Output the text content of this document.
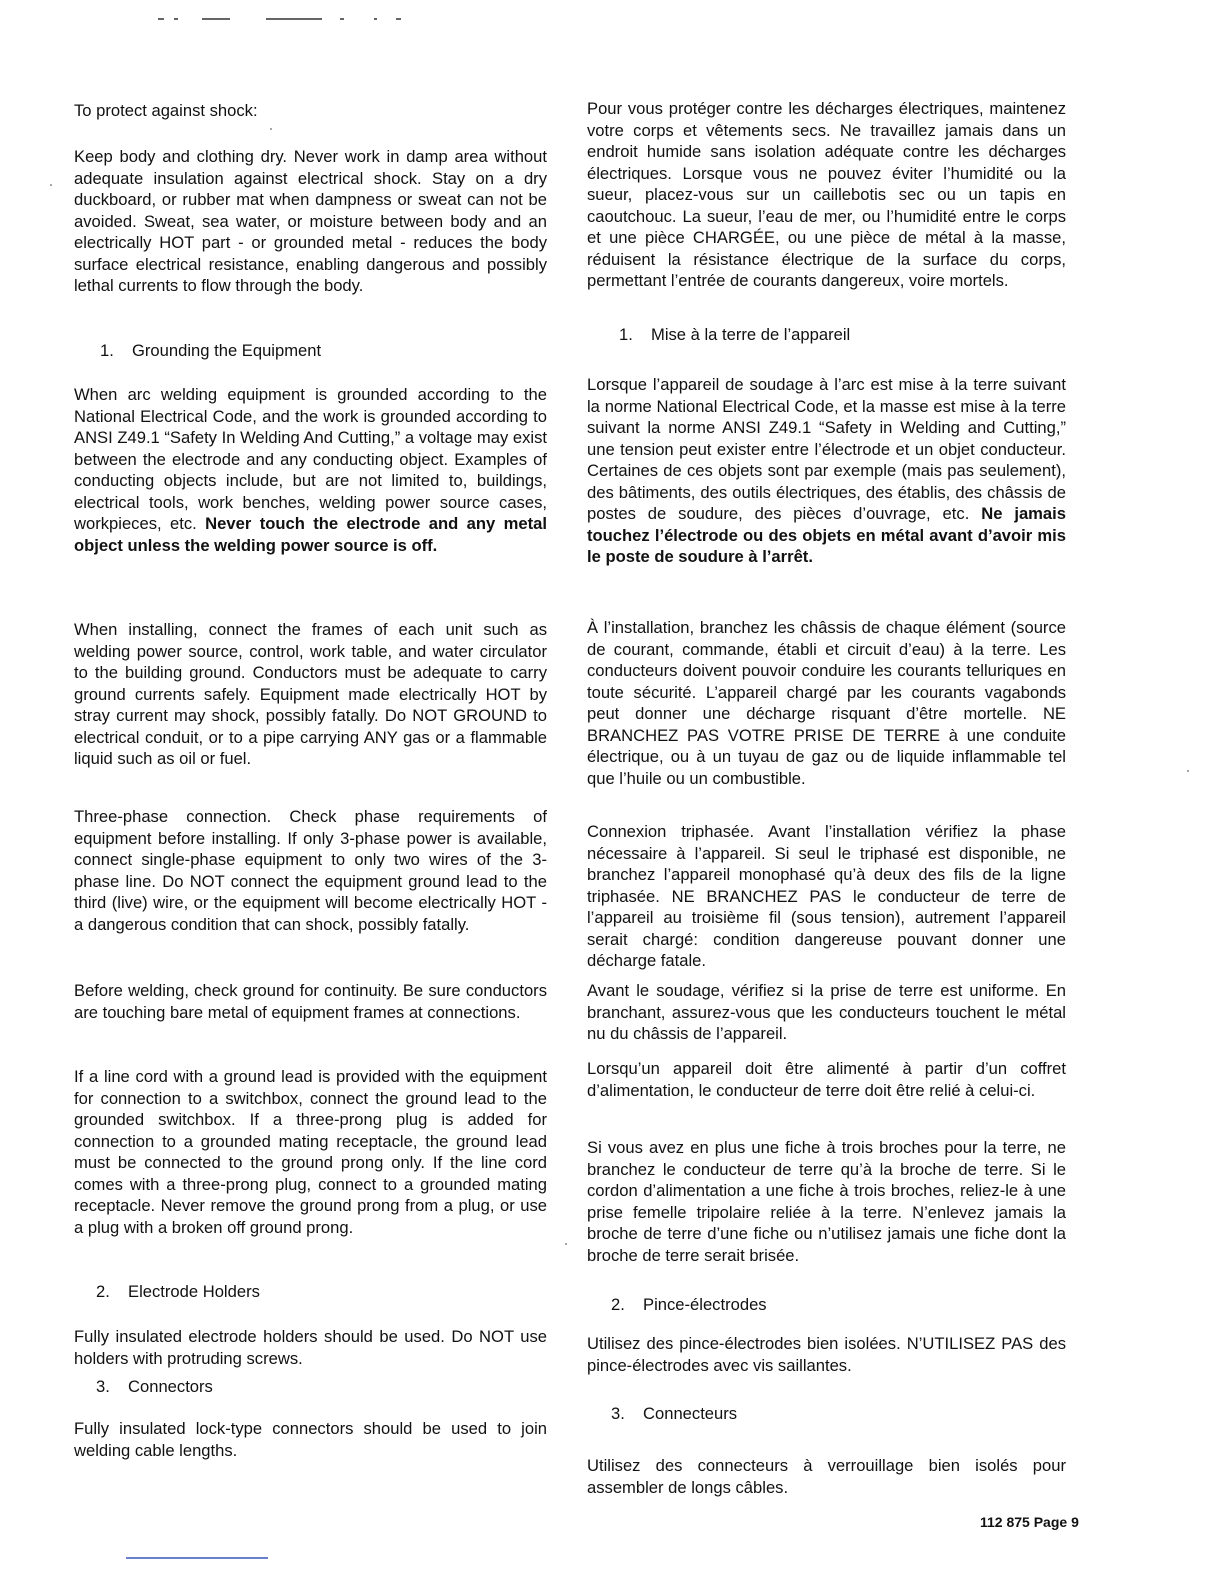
To protect against shock:

Keep body and clothing dry. Never work in damp area without adequate insulation against electrical shock. Stay on a dry duckboard, or rubber mat when dampness or sweat can not be avoided. Sweat, sea water, or moisture between body and an electrically HOT part - or grounded metal - reduces the body surface electrical resistance, enabling dangerous and possibly lethal currents to flow through the body.

1. Grounding the Equipment

When arc welding equipment is grounded according to the National Electrical Code, and the work is grounded according to ANSI Z49.1 “Safety In Welding And Cutting,” a voltage may exist between the electrode and any conducting object. Examples of conducting objects include, but are not limited to, buildings, electrical tools, work benches, welding power source cases, workpieces, etc. Never touch the electrode and any metal object unless the welding power source is off.

When installing, connect the frames of each unit such as welding power source, control, work table, and water circulator to the building ground. Conductors must be adequate to carry ground currents safely. Equipment made electrically HOT by stray current may shock, possibly fatally. Do NOT GROUND to electrical conduit, or to a pipe carrying ANY gas or a flammable liquid such as oil or fuel.

Three-phase connection. Check phase requirements of equipment before installing. If only 3-phase power is available, connect single-phase equipment to only two wires of the 3-phase line. Do NOT connect the equipment ground lead to the third (live) wire, or the equipment will become electrically HOT - a dangerous condition that can shock, possibly fatally.

Before welding, check ground for continuity. Be sure conductors are touching bare metal of equipment frames at connections.

If a line cord with a ground lead is provided with the equipment for connection to a switchbox, connect the ground lead to the grounded switchbox. If a three-prong plug is added for connection to a grounded mating receptacle, the ground lead must be connected to the ground prong only. If the line cord comes with a three-prong plug, connect to a grounded mating receptacle. Never remove the ground prong from a plug, or use a plug with a broken off ground prong.

2. Electrode Holders

Fully insulated electrode holders should be used. Do NOT use holders with protruding screws.

3. Connectors

Fully insulated lock-type connectors should be used to join welding cable lengths.

Pour vous protéger contre les décharges électriques, maintenez votre corps et vêtements secs. Ne travaillez jamais dans un endroit humide sans isolation adéquate contre les décharges électriques. Lorsque vous ne pouvez éviter l’humidité ou la sueur, placez-vous sur un caillebotis sec ou un tapis en caoutchouc. La sueur, l’eau de mer, ou l’humidité entre le corps et une pièce CHARGÉE, ou une pièce de métal à la masse, réduisent la résistance électrique de la surface du corps, permettant l’entrée de courants dangereux, voire mortels.

1. Mise à la terre de l’appareil

Lorsque l’appareil de soudage à l’arc est mise à la terre suivant la norme National Electrical Code, et la masse est mise à la terre suivant la norme ANSI Z49.1 “Safety in Welding and Cutting,” une tension peut exister entre l’électrode et un objet conducteur. Certaines de ces objets sont par exemple (mais pas seulement), des bâtiments, des outils électriques, des établis, des châssis de postes de soudure, des pièces d’ouvrage, etc. Ne jamais touchez l’électrode ou des objets en métal avant d’avoir mis le poste de soudure à l’arrêt.

À l’installation, branchez les châssis de chaque élément (source de courant, commande, établi et circuit d’eau) à la terre. Les conducteurs doivent pouvoir conduire les courants telluriques en toute sécurité. L’appareil chargé par les courants vagabonds peut donner une décharge risquant d’être mortelle. NE BRANCHEZ PAS VOTRE PRISE DE TERRE à une conduite électrique, ou à un tuyau de gaz ou de liquide inflammable tel que l’huile ou un combustible.

Connexion triphasée. Avant l’installation vérifiez la phase nécessaire à l’appareil. Si seul le triphasé est disponible, ne branchez l’appareil monophasé qu’à deux des fils de la ligne triphasée. NE BRANCHEZ PAS le conducteur de terre de l’appareil au troisième fil (sous tension), autrement l’appareil serait chargé: condition dangereuse pouvant donner une décharge fatale.

Avant le soudage, vérifiez si la prise de terre est uniforme. En branchant, assurez-vous que les conducteurs touchent le métal nu du châssis de l’appareil.

Lorsqu’un appareil doit être alimenté à partir d’un coffret d’alimentation, le conducteur de terre doit être relié à celui-ci.

Si vous avez en plus une fiche à trois broches pour la terre, ne branchez le conducteur de terre qu’à la broche de terre. Si le cordon d’alimentation a une fiche à trois broches, reliez-le à une prise femelle tripolaire reliée à la terre. N’enlevez jamais la broche de terre d’une fiche ou n’utilisez jamais une fiche dont la broche de terre serait brisée.

2. Pince-électrodes

Utilisez des pince-électrodes bien isolées. N’UTILISEZ PAS des pince-électrodes avec vis saillantes.

3. Connecteurs

Utilisez des connecteurs à verrouillage bien isolés pour assembler de longs câbles.

112 875 Page 9
